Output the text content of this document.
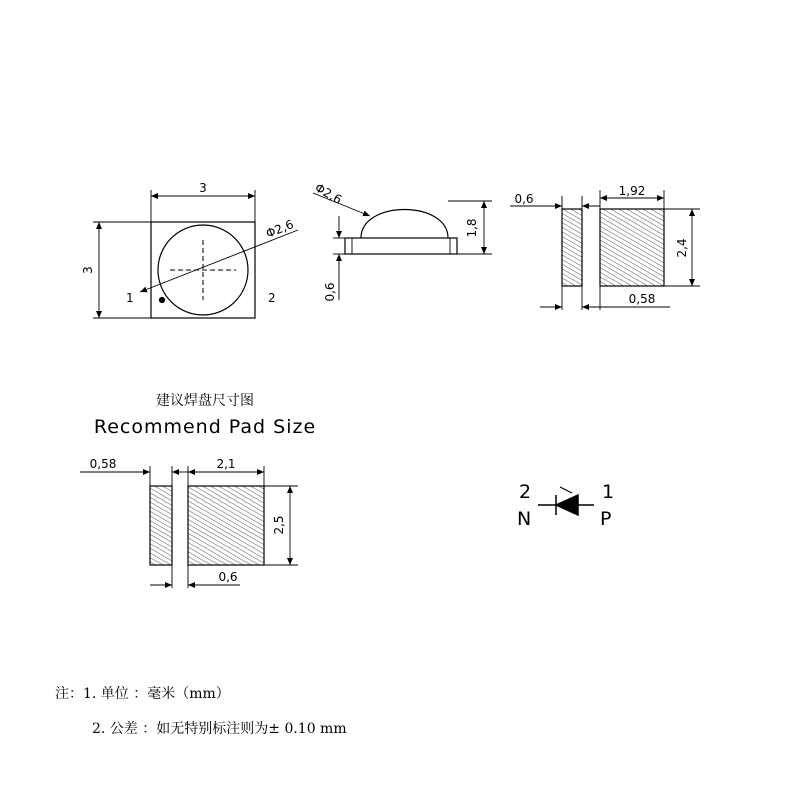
3
3
Φ2,6
1	2
Φ2,6
1,8
0,6
0,6
1,92
2,4
0,58
建议焊盘尺寸图
Recommend Pad Size
0,58	2,1
2,5
0,6
2
N
1
P
注：1. 单位 ：毫米（mm）
2. 公差 ：如无特别标注则为± 0.10 mm
